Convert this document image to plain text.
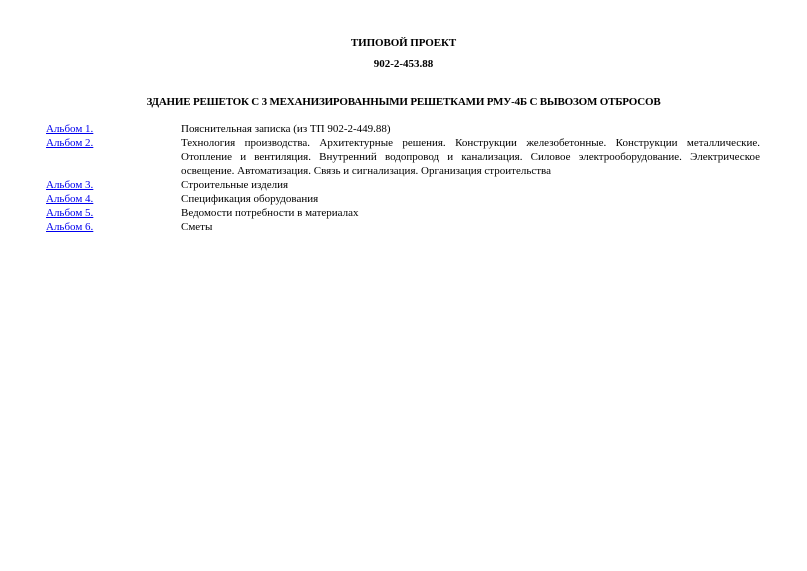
ТИПОВОЙ ПРОЕКТ
902-2-453.88
ЗДАНИЕ РЕШЕТОК С 3 МЕХАНИЗИРОВАННЫМИ РЕШЕТКАМИ РМУ-4Б С ВЫВОЗОМ ОТБРОСОВ
Альбом 1.	Пояснительная записка (из ТП 902-2-449.88)
Альбом 2.	Технология производства. Архитектурные решения. Конструкции железобетонные. Конструкции металлические. Отопление и вентиляция. Внутренний водопровод и канализация. Силовое электрооборудование. Электрическое освещение. Автоматизация. Связь и сигнализация. Организация строительства
Альбом 3.	Строительные изделия
Альбом 4.	Спецификация оборудования
Альбом 5.	Ведомости потребности в материалах
Альбом 6.	Сметы
